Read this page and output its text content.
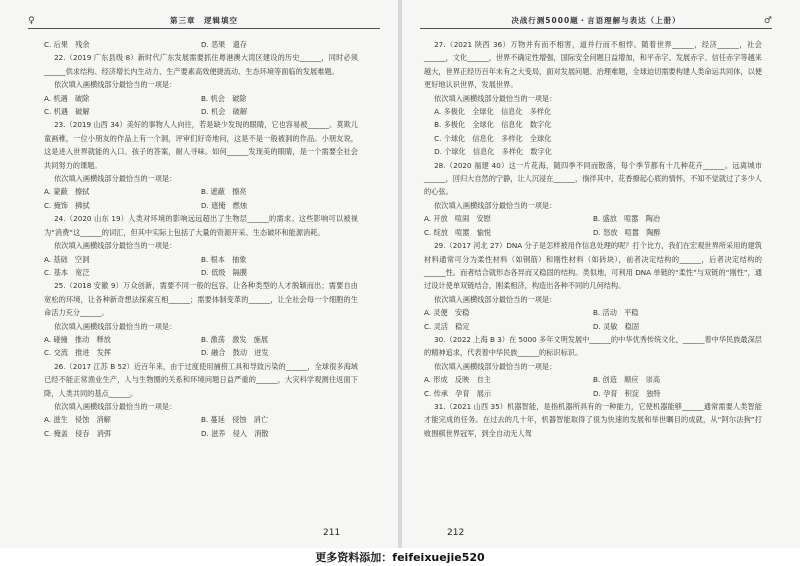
♀	第三章　逻辑填空
C. 后果　残余	D. 恶果　遗存

22.（2019 广东县级 8）新时代广东发展需要抓住粤港澳大湾区建设的历史______，同时必须______供求结构、经济增长内生动力、生产要素高效便捷流动、生态环境等面临的发展难题。

依次填入画横线部分最恰当的一项是：

A. 机遇　破除	B. 机会　破除
C. 机遇　破解	D. 机会　破解

23.（2019 山西 34）美好的事物人人向往，若是缺少发现的眼睛，它也容易被______。莫欺儿童画稚，一位小朋友的作品上有一个洞，评审们好奇地问，这是不是一般被洞的作品。小朋友说，这是进入世界就能的入口。孩子的答案，耐人寻味。如何______发现美的眼睛，是一个需要全社会共同努力的课题。

依次填入画横线部分最恰当的一项是：

A. 蒙蔽　擦拭	B. 遮蔽　擦亮
C. 掩饰　拂拭	D. 遮掩　燃烛

24.（2020 山东 19）人类对环境的影响远远超出了生物层______的需求。这些影响可以被视为“消费”这______的词汇，但其中实际上包括了大量的资源开采、生态破坏和能源消耗。

依次填入画横线部分最恰当的一项是：

A. 基础　空洞	B. 根本　抽象
C. 基本　宽泛	D. 低级　隔膜

25.（2018 安徽 9）万众创新，需要不同一般的包容，让各种类型的人才脱颖而出；需要自由宽松的环境，让各种新奇想法探索互相______；需要体制变革的______，让全社会每一个细胞的生命活力充分______。

依次填入画横线部分最恰当的一项是：

A. 碰撞　推动　释放	B. 激荡　激发　施展
C. 交流　推进　发挥	D. 融合　鼓动　迸发

26.（2017 江苏 B 52）近百年来，由于过度使用捕捞工具和导致污染的______，全球很多海域已经不能正常渔业生产，人与生物圈的关系和环境问题日益严重的______，大灾科学观测往返面下降，人类共同的基点______。

依次填入画横线部分最恰当的一项是：

A. 滋生　侵蚀　消解	B. 蔓延　侵蚀　消亡
C. 掩盖　侵吞　消弭	D. 滋养　侵入　消散
211
决战行测5000题・言语理解与表达（上册）	♂

27.（2021 陕西 36）万物并有而不相害，道并行而不相悖。随着世界______，经济______，社会______，文化______，世界不确定性增强，国际安全问题日益增加，和平赤字、发展赤字、信任赤字等越来越大，世界正经历百年未有之大变局，面对发展问题、治理难题，全球迫切需要构建人类命运共同体，以便更好地认识世界，发展世界。

依次填入画横线部分最恰当的一项是：

A. 多极化　全球化　信息化　多样化
B. 多极化　全球化　信息化　数字化
C. 个球化　信息化　多样化　全球化
D. 个球化　信息化　多样化　数字化

28.（2020 福建 40）这一片花海，随四季不同而散落，每个季节都有十几种花卉______。远离城市______，回归大自然的宁静，让人沉浸在______，徜徉其中，花香撩起心底的情怀，不知不觉就过了多少人的心弦。

依次填入画横线部分最恰当的一项是：

A. 开放　喧闹　安慰	B. 盛放　喧嚣　陶冶
C. 绽放　喧嚣　愉悦	D. 怒放　喧嚣　陶醉

29.（2017 河北 27）DNA 分子是怎样被用作信息处理的呢？打个比方，我们在宏观世界所采用的建筑材料通常可分为柔性材料（如钢筋）和刚性材料（如砖块），前者决定结构的______，后者决定结构的______性。而者结合就形态各异而又稳固的结构。类似地，可利用 DNA 单链的“柔性”与双链的“刚性”，通过设计使单双链结合，刚柔相济，构造出各种不同的几何结构。

依次填入画横线部分最恰当的一项是：

A. 灵便　安稳	B. 活动　平稳
C. 灵活　稳定	D. 灵敏　稳固

30.（2022 上海 B 3）在 5000 多年文明发展中______的中华优秀传统文化，______着中华民族最深层的精神追求，代表着中华民族______的标识标识。

依次填入画横线部分最恰当的一项是：

A. 形成　反映　自主	B. 创造　顺应　崇高
C. 传承　孕育　展示	D. 孕育　积淀　独特

31.（2021 山西 35）机器智能，是指机器所具有的一种能力，它使机器能够______通常需要人类智能才能完成的任务。在过去的几十年，机器智能取得了很为快速的发展和举世瞩目的成就，从“阿尔法狗”打败围棋世界冠军，到全自动无人驾

212
更多资料添加：feifeixuejie520
